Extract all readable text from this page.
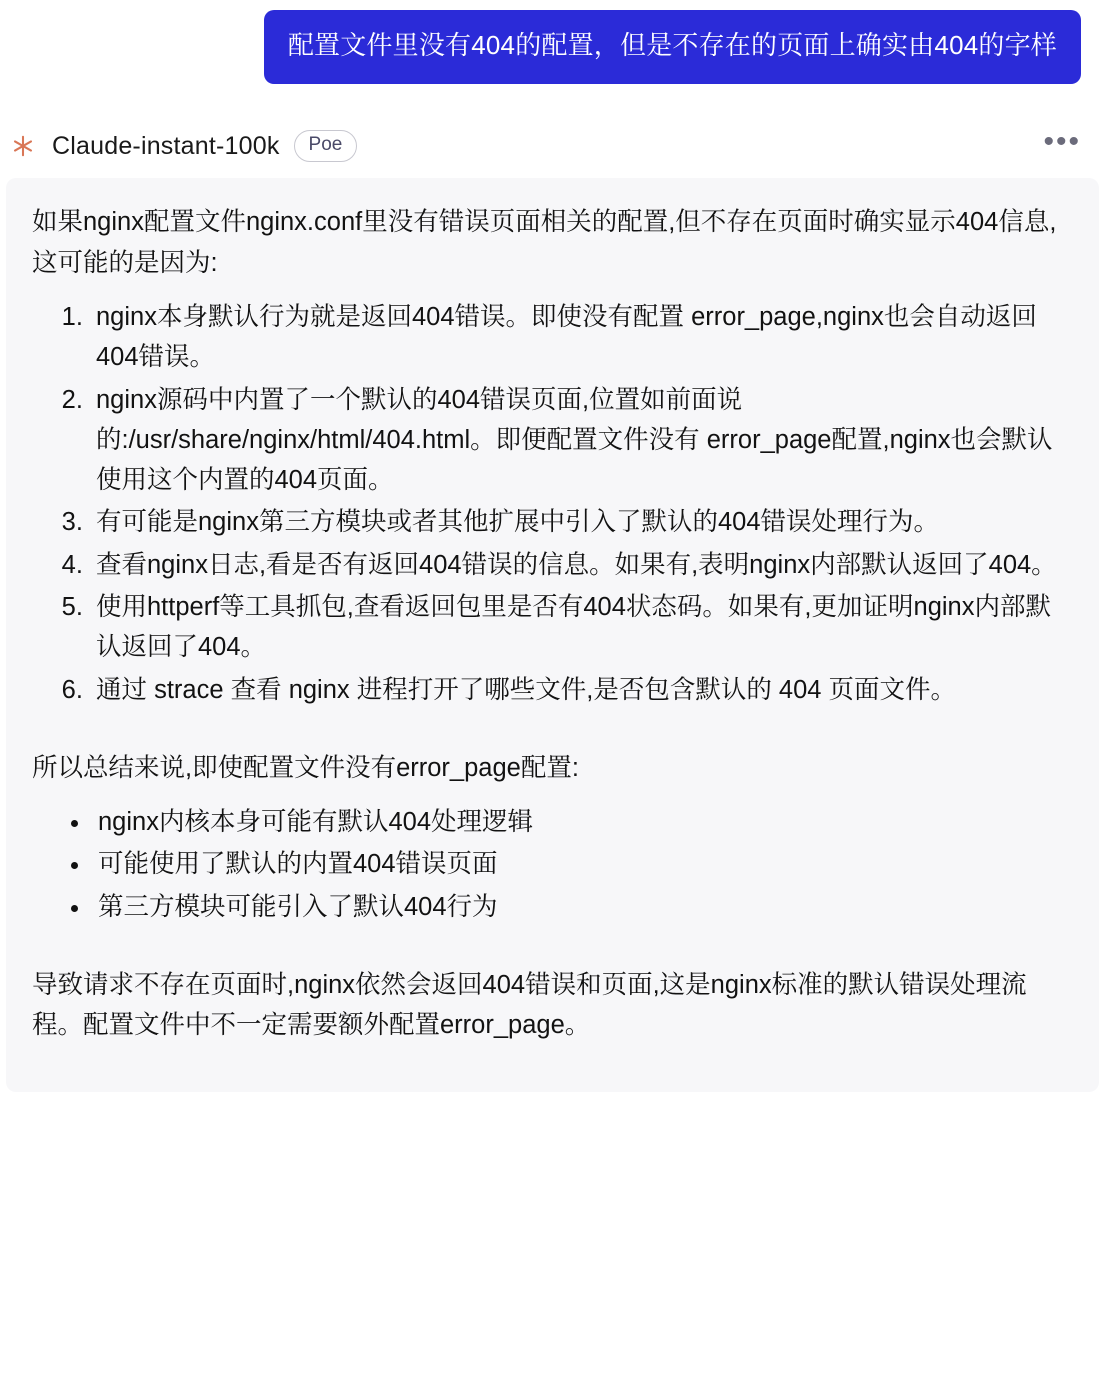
配置文件里没有404的配置，但是不存在的页面上确实由404的字样
Claude-instant-100k	Poe	•••

如果nginx配置文件nginx.conf里没有错误页面相关的配置,但不存在页面时确实显示404信息,这可能的是因为:

1. nginx本身默认行为就是返回404错误。即使没有配置 error_page,nginx也会自动返回404错误。
2. nginx源码中内置了一个默认的404错误页面,位置如前面说的:/usr/share/nginx/html/404.html。即便配置文件没有 error_page配置,nginx也会默认使用这个内置的404页面。
3. 有可能是nginx第三方模块或者其他扩展中引入了默认的404错误处理行为。
4. 查看nginx日志,看是否有返回404错误的信息。如果有,表明nginx内部默认返回了404。
5. 使用httperf等工具抓包,查看返回包里是否有404状态码。如果有,更加证明nginx内部默认返回了404。
6. 通过 strace 查看 nginx 进程打开了哪些文件,是否包含默认的 404 页面文件。

所以总结来说,即使配置文件没有error_page配置:

• nginx内核本身可能有默认404处理逻辑
• 可能使用了默认的内置404错误页面
• 第三方模块可能引入了默认404行为

导致请求不存在页面时,nginx依然会返回404错误和页面,这是nginx标准的默认错误处理流程。配置文件中不一定需要额外配置error_page。
